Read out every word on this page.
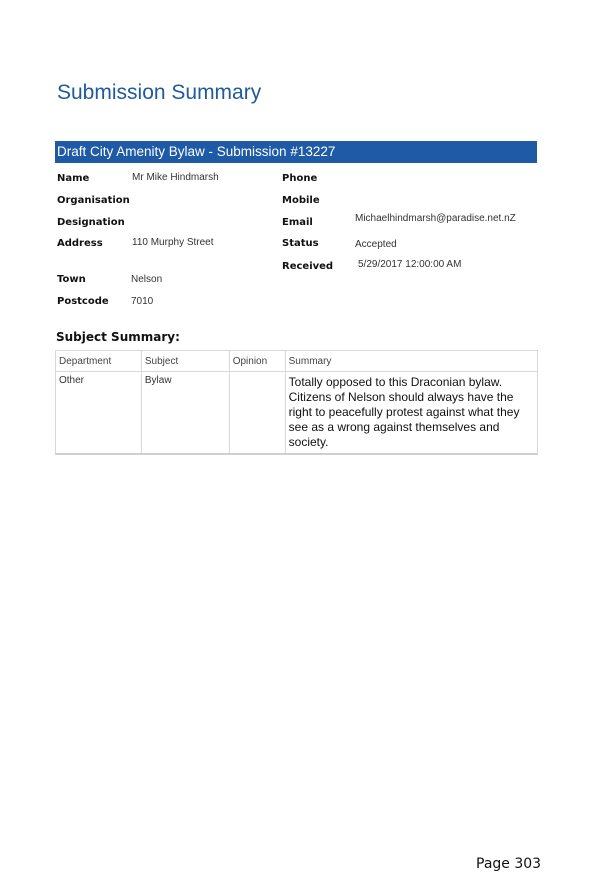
Submission Summary
Draft City Amenity Bylaw - Submission #13227
Name	Mr Mike Hindmarsh
Organisation
Designation
Address	110 Murphy Street
Town	Nelson
Postcode 7010
Phone
Mobile
Email	Michaelhindmarsh@paradise.net.nZ
Status	Accepted
Received 5/29/2017 12:00:00 AM
Subject Summary:
Department	Subject	Opinion	Summary
Other	Bylaw		Totally opposed to this Draconian bylaw. Citizens of Nelson should always have the right to peacefully protest against what they see as a wrong against themselves and society.
Page 303
